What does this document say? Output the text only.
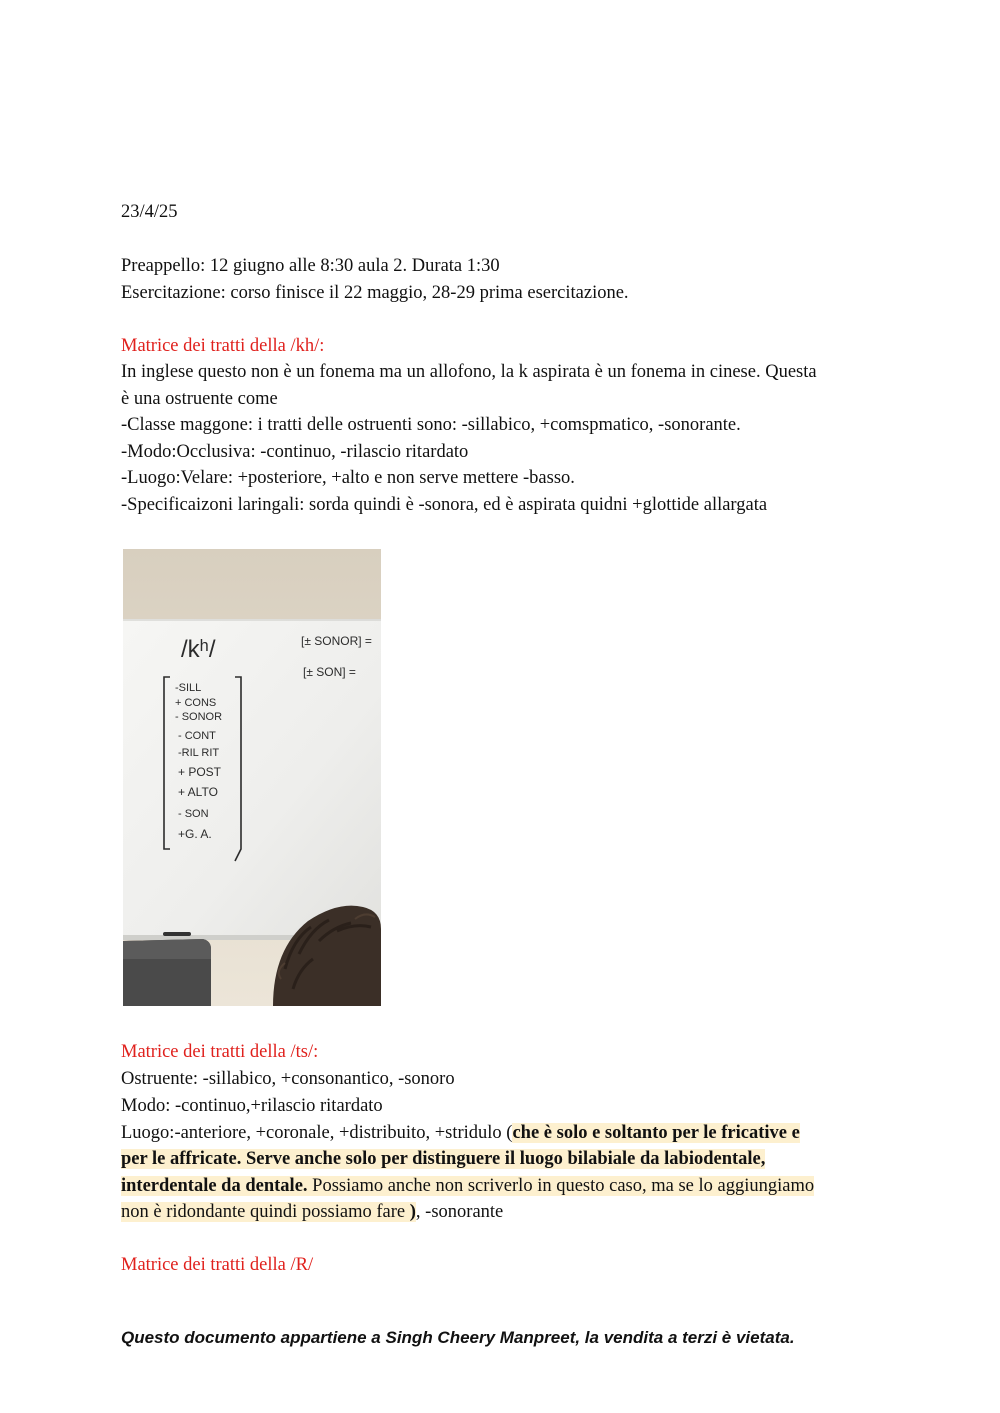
23/4/25
Preappello: 12 giugno alle 8:30 aula 2. Durata 1:30
Esercitazione: corso finisce il 22 maggio, 28-29 prima esercitazione.
Matrice dei tratti della /kh/:
In inglese questo non è un fonema ma un allofono, la k aspirata è un fonema in cinese. Questa
è una ostruente come
-Classe maggone: i tratti delle ostruenti sono: -sillabico, +comspmatico, -sonorante.
-Modo:Occlusiva: -continuo, -rilascio ritardato
-Luogo:Velare: +posteriore, +alto e non serve mettere -basso.
-Specificaizoni laringali: sorda quindi è -sonora, ed è aspirata quidni +glottide allargata
/kʰ/
-SILL
+ CONS
- SONOR
- CONT
-RIL RIT
+ POST
+ ALTO
- SON
+G. A.
[± SONOR] =
[± SON] =
Matrice dei tratti della /ts/:
Ostruente: -sillabico, +consonantico, -sonoro
Modo: -continuo,+rilascio ritardato
Luogo:-anteriore, +coronale, +distribuito, +stridulo (che è solo e soltanto per le fricative e
per le affricate. Serve anche solo per distinguere il luogo bilabiale da labiodentale,
interdentale da dentale. Possiamo anche non scriverlo in questo caso, ma se lo aggiungiamo
non è ridondante quindi possiamo fare ), -sonorante
Matrice dei tratti della /R/
Questo documento appartiene a Singh Cheery Manpreet, la vendita a terzi è vietata.
